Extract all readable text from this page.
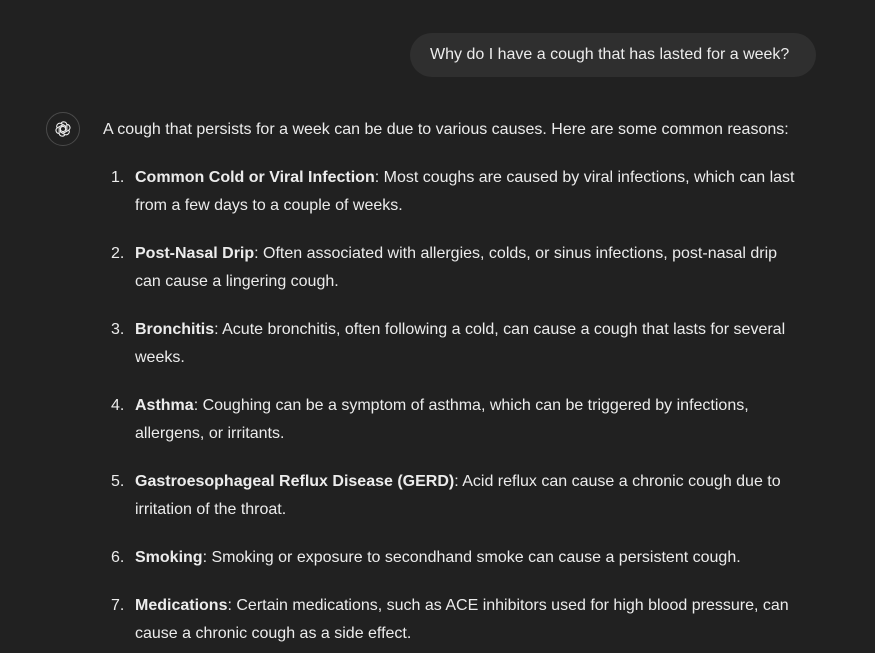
Why do I have a cough that has lasted for a week?

A cough that persists for a week can be due to various causes. Here are some common reasons:

1. Common Cold or Viral Infection: Most coughs are caused by viral infections, which can last from a few days to a couple of weeks.
2. Post-Nasal Drip: Often associated with allergies, colds, or sinus infections, post-nasal drip can cause a lingering cough.
3. Bronchitis: Acute bronchitis, often following a cold, can cause a cough that lasts for several weeks.
4. Asthma: Coughing can be a symptom of asthma, which can be triggered by infections, allergens, or irritants.
5. Gastroesophageal Reflux Disease (GERD): Acid reflux can cause a chronic cough due to irritation of the throat.
6. Smoking: Smoking or exposure to secondhand smoke can cause a persistent cough.
7. Medications: Certain medications, such as ACE inhibitors used for high blood pressure, can cause a chronic cough as a side effect.
